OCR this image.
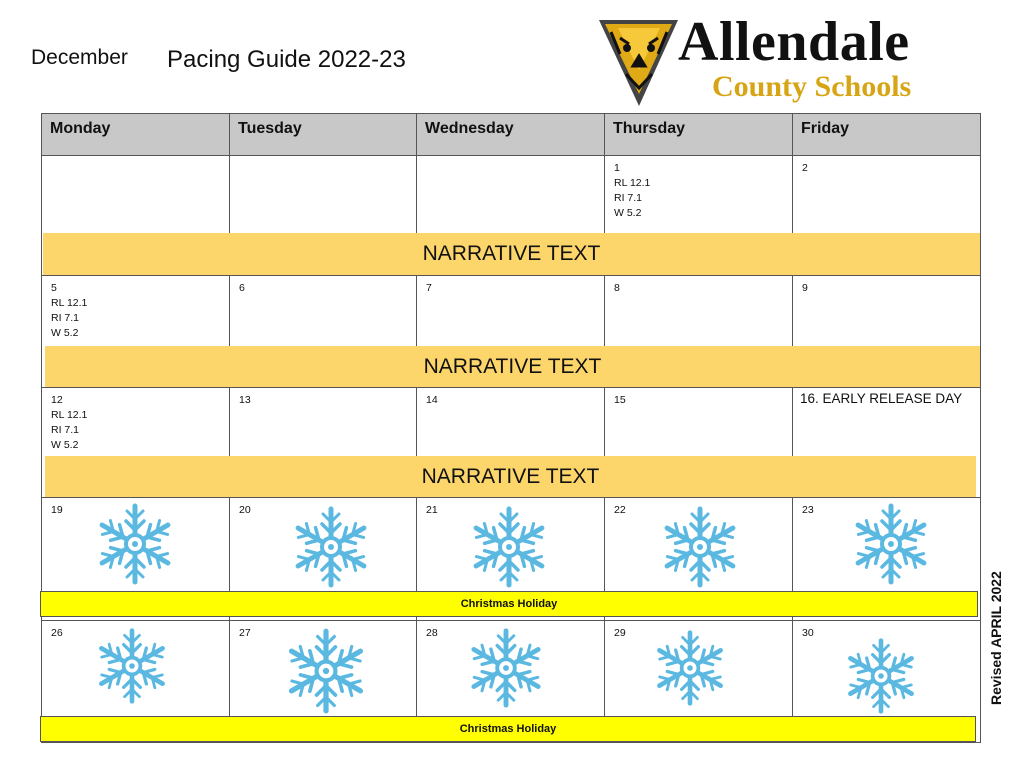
December Pacing Guide 2022-23	Allendale
County Schools
Monday	Tuesday	Wednesday	Thursday	Friday

			1
RL 12.1
RI 7.1
W 5.2	2

5
RL 12.1
RI 7.1
W 5.2	6	7	8	9

12
RL 12.1
RI 7.1
W 5.2	13	14	15	16. EARLY RELEASE DAY

19	20	21	22	23

26	27	28	29	30
NARRATIVE TEXT
NARRATIVE TEXT
NARRATIVE TEXT
Christmas Holiday
Christmas Holiday
Revised APRIL 2022
